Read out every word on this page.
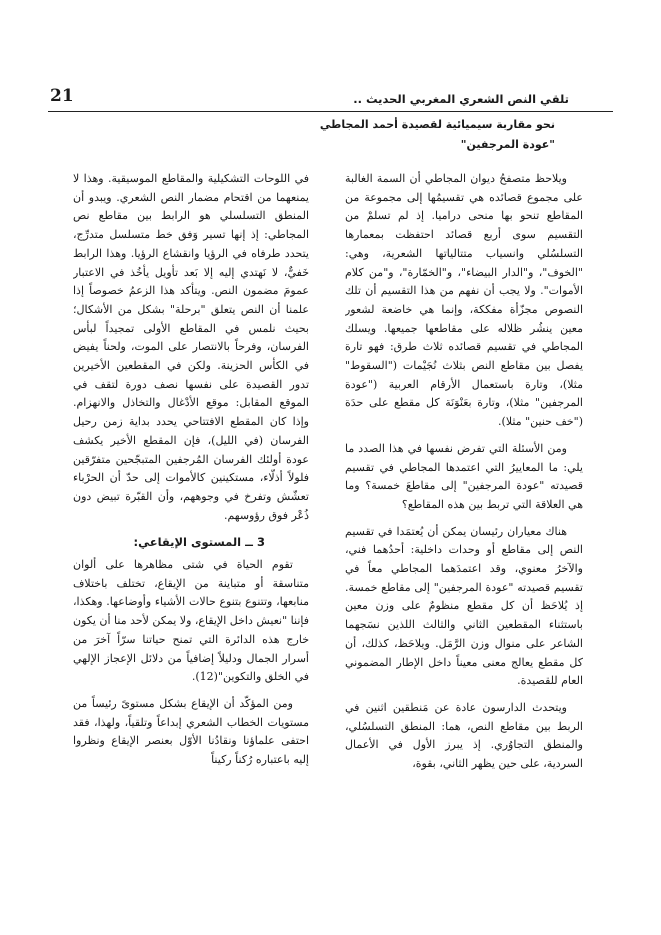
21	تلقي النص الشعري المغربي الحديث ..
نحو مقاربة سيميائية لقصيدة أحمد المجاطي
"عودة المرجفين"

ويلاحظ متصفحُ ديوان المجاطي أن السمة الغالبة على مجموع قصائده هي تقسيمُها إلى مجموعة من المقاطع تنحو بها منحى دراميا. إذ لم تسلمْ من التقسيم سوى أربع قصائد احتفظت بمعمارها التسلسُلي وانسياب متتالياتها الشعرية، وهي: "الخوف"، و"الدار البيضاء"، و"الخمّارة"، و"من كلام الأموات". ولا يجب أن نفهم من هذا التقسيم أن تلك النصوص مجزّأة مفككة، وإنما هي خاضعة لشعور معين ينشُر ظلاله على مقاطعها جميعها. ويسلك المجاطي في تقسيم قصائده ثلاث طرق: فهو تارة يفصل بين مقاطع النص بثلاث نُجَيْمات ("السقوط" مثلا)، وتارة باستعمال الأرقام العربية ("عودة المرجفين" مثلا)، وتارة بعَنْوَنَة كل مقطع على حدَة ("خف حنين" مثلا).

ومن الأسئلة التي تفرض نفسها في هذا الصدد ما يلي: ما المعاييرُ التي اعتمدها المجاطي في تقسيم قصيدته "عودة المرجفين" إلى مقاطعَ خمسة؟ وما هي العلاقة التي تربط بين هذه المقاطع؟

هناك معياران رئيسان يمكن أن يُعتمَدا في تقسيم النص إلى مقاطع أو وحدات داخلية: أحدُهما فني، والآخرُ معنوي، وقد اعتمدَهما المجاطي معاً في تقسيم قصيدته "عودة المرجفين" إلى مقاطع خمسة. إذ يُلاحَظ أن كل مقطع منظومٌ على وزن معين باستثناء المقطعين الثاني والثالث اللذين نسَجهما الشاعر على منوال وزن الرَّمَل. ويلاحَظ، كذلك، أن كل مقطع يعالج معنى معيناً داخل الإطار المضموني العام للقصيدة.

ويتحدث الدارسون عادة عن مَنطقين اثنين في الربط بين مقاطع النص، هما: المنطق التسلسُلي، والمنطق التجاوُري. إذ يبرز الأول في الأعمال السردية، على حين يظهر الثاني، بقوة،

في اللوحات التشكيلية والمقاطع الموسيقية. وهذا لا يمنعهما من اقتحام مضمار النص الشعري. ويبدو أن المنطق التسلسلي هو الرابط بين مقاطع نص المجاطي: إذ إنها تسير وَفق خط متسلسل متدرِّج، يتحدد طرفاه في الرؤيا وانقشاع الرؤيا. وهذا الرابط خَفيٌّ، لا نَهتدي إليه إلا بَعد تأويل يأخُذ في الاعتبار عمومَ مضمون النص. ويتأكد هذا الزعمُ خصوصاً إذا علمنا أن النص يتعلق "برحلة" بشكل من الأشكال؛ بحيث نلمس في المقاطع الأولى تمجيداً لبأس الفرسان، وفرحاً بالانتصار على الموت، ولحناً يفيض في الكأس الحزينة. ولكن في المقطعين الأخيرين تدور القصيدة على نفسها نصف دورة لتقف في الموقع المقابل: موقع الأدْغال والتخاذل والانهزام. وإذا كان المقطع الافتتاحي يحدد بداية زمن رحيل الفرسان (في الليل)، فإن المقطع الأخير يكشف عودة أولئك الفرسان المُرجفين المتبجّحين متفرّقين فلولاً أذلّاء، مستكينين كالأموات إلى حدّ أن الحرْباء تعشّش وتفرخ في وجوههم، وأن القبّرة تبيض دون ذُعْر فوق رؤوسهم.

3 ــ المستوى الإيقاعي:

تقوم الحياة في شتى مظاهرها على ألوان متناسقة أو متباينة من الإيقاع، تختلف باختلاف منابعها، وتتنوع بتنوع حالات الأشياء وأوضاعها. وهكذا، فإننا "نعيش داخل الإيقاع، ولا يمكن لأحد منا أن يكون خارج هذه الدائرة التي تمنح حياتنا سرّاً آخرَ من أسرار الجمال ودليلاً إضافياً من دلائل الإعجاز الإلهي في الخلق والتكوين"(12).

ومن المؤكّد أن الإيقاع بشكل مستوىً رئيساً من مستويات الخطاب الشعري إبداعاً وتلقياً، ولهذا، فقد احتفى علماؤنا ونقادُنا الأوّل بعنصر الإيقاع ونظروا إليه باعتباره رُكناً ركيناً
